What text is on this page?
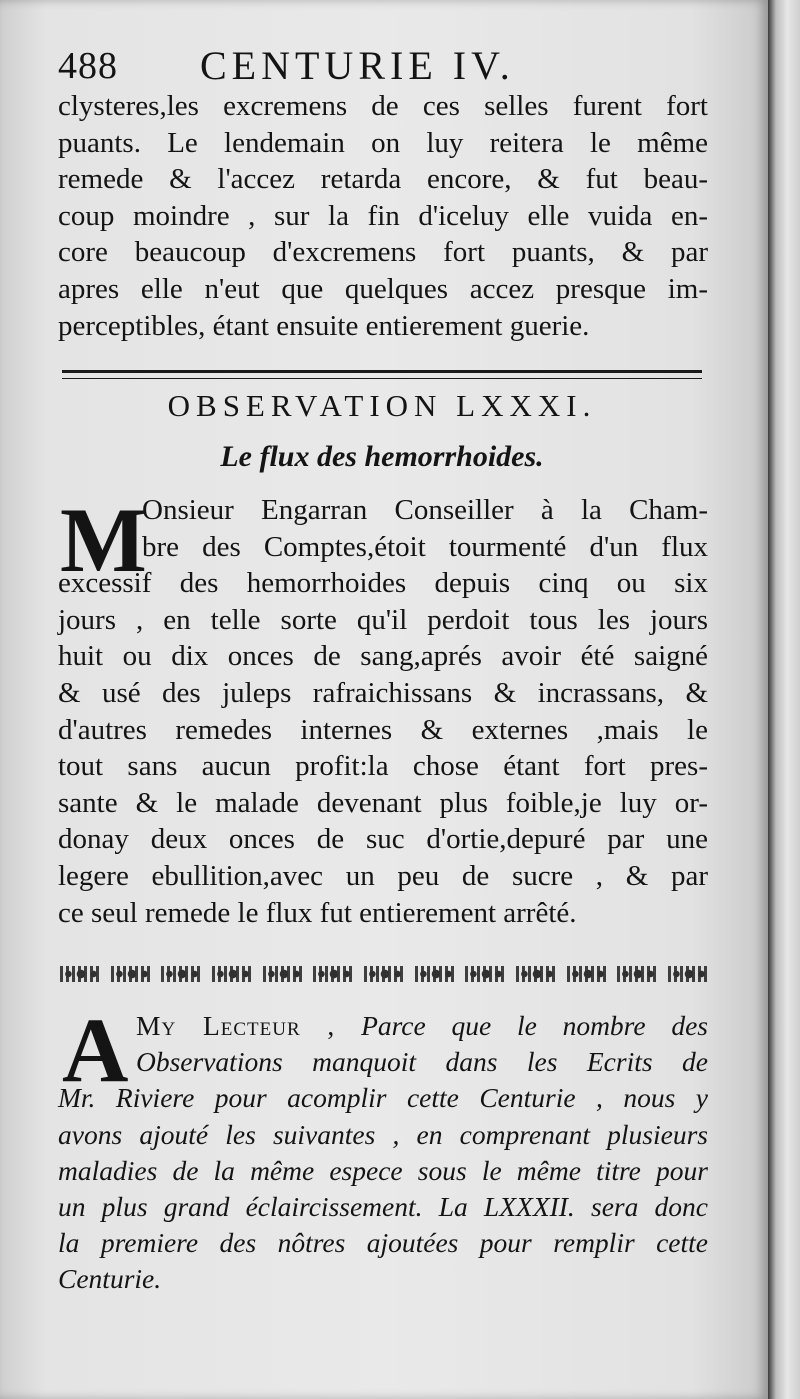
488 CENTURIE IV.
clysteres,les excremens de ces selles furent fort
puants. Le lendemain on luy reitera le même
remede & l'accez retarda encore, & fut beau-
coup moindre , sur la fin d'iceluy elle vuida en-
core beaucoup d'excremens fort puants, & par
apres elle n'eut que quelques accez presque im-
perceptibles, étant ensuite entierement guerie.
OBSERVATION LXXXI.
Le flux des hemorrhoides.
M
Onsieur Engarran Conseiller à la Cham-
bre des Comptes,étoit tourmenté d'un flux
excessif des hemorrhoides depuis cinq ou six
jours , en telle sorte qu'il perdoit tous les jours
huit ou dix onces de sang,aprés avoir été saigné
& usé des juleps rafraichissans & incrassans, &
d'autres remedes internes & externes ,mais le
tout sans aucun profit:la chose étant fort pres-
sante & le malade devenant plus foible,je luy or-
donay deux onces de suc d'ortie,depuré par une
legere ebullition,avec un peu de sucre , & par
ce seul remede le flux fut entierement arrêté.
A My Lecteur , Parce que le nombre des
Observations manquoit dans les Ecrits de
Mr. Riviere pour acomplir cette Centurie , nous y
avons ajouté les suivantes , en comprenant plusieurs
maladies de la même espece sous le même titre pour
un plus grand éclaircissement. La LXXXII. sera donc
la premiere des nôtres ajoutées pour remplir cette
Centurie.
